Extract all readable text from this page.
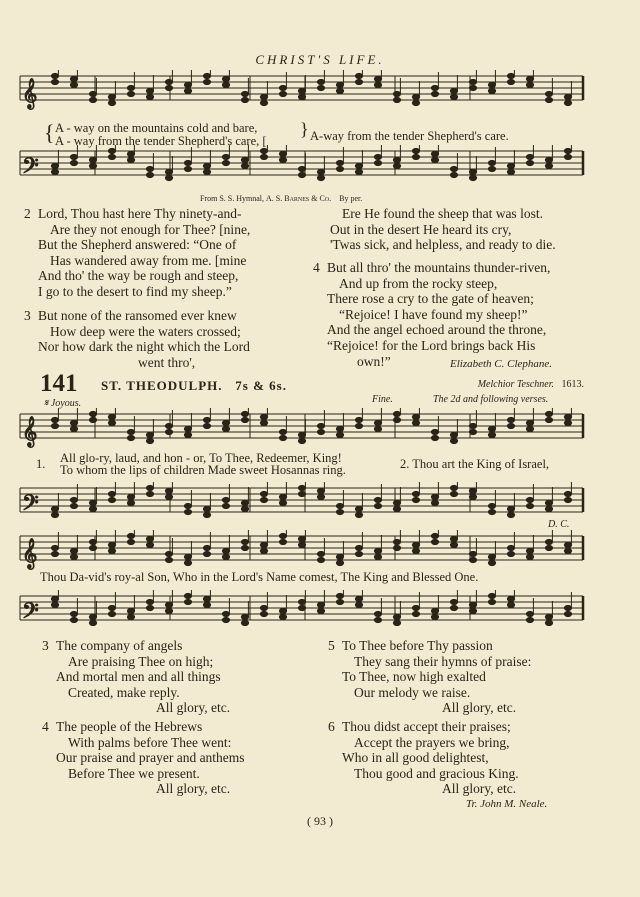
CHRIST'S LIFE.
𝄞
𝄢
A - way on the mountains cold and bare,
A - way from the tender Shepherd's care, [	A-way from the tender Shepherd's care.
{	}
From S. S. Hymnal, A. S. Barnes & Co. By per.
2 Lord, Thou hast here Thy ninety-and-
Are they not enough for Thee? [nine,
But the Shepherd answered: “One of
Has wandered away from me. [mine
And tho' the way be rough and steep,
I go to the desert to find my sheep.”
3 But none of the ransomed ever knew
How deep were the waters crossed;
Nor how dark the night which the Lord
went thro',
Ere He found the sheep that was lost.
Out in the desert He heard its cry,
'Twas sick, and helpless, and ready to die.
4 But all thro' the mountains thunder-riven,
And up from the rocky steep,
There rose a cry to the gate of heaven;
“Rejoice! I have found my sheep!”
And the angel echoed around the throne,
“Rejoice! for the Lord brings back His
own!”	Elizabeth C. Clephane.
141 ST. THEODULPH. 7s & 6s.	Melchior Teschner. 1613.
𝄋 Joyous.	Fine.	The 2d and following verses.
𝄞
All glo-ry, laud, and hon - or, To Thee, Redeemer, King!
To whom the lips of children Made sweet Hosannas ring.
1.	2. Thou art the King of Israel,
𝄢
D. C.
𝄞
Thou Da-vid's roy-al Son, Who in the Lord's Name comest, The King and Blessed One.
𝄢
3 The company of angels
Are praising Thee on high;
And mortal men and all things
Created, make reply.
All glory, etc.
4 The people of the Hebrews
With palms before Thee went:
Our praise and prayer and anthems
Before Thee we present.
All glory, etc.
5 To Thee before Thy passion
They sang their hymns of praise:
To Thee, now high exalted
Our melody we raise.
All glory, etc.
6 Thou didst accept their praises;
Accept the prayers we bring,
Who in all good delightest,
Thou good and gracious King.
All glory, etc.
Tr. John M. Neale.
( 93 )
